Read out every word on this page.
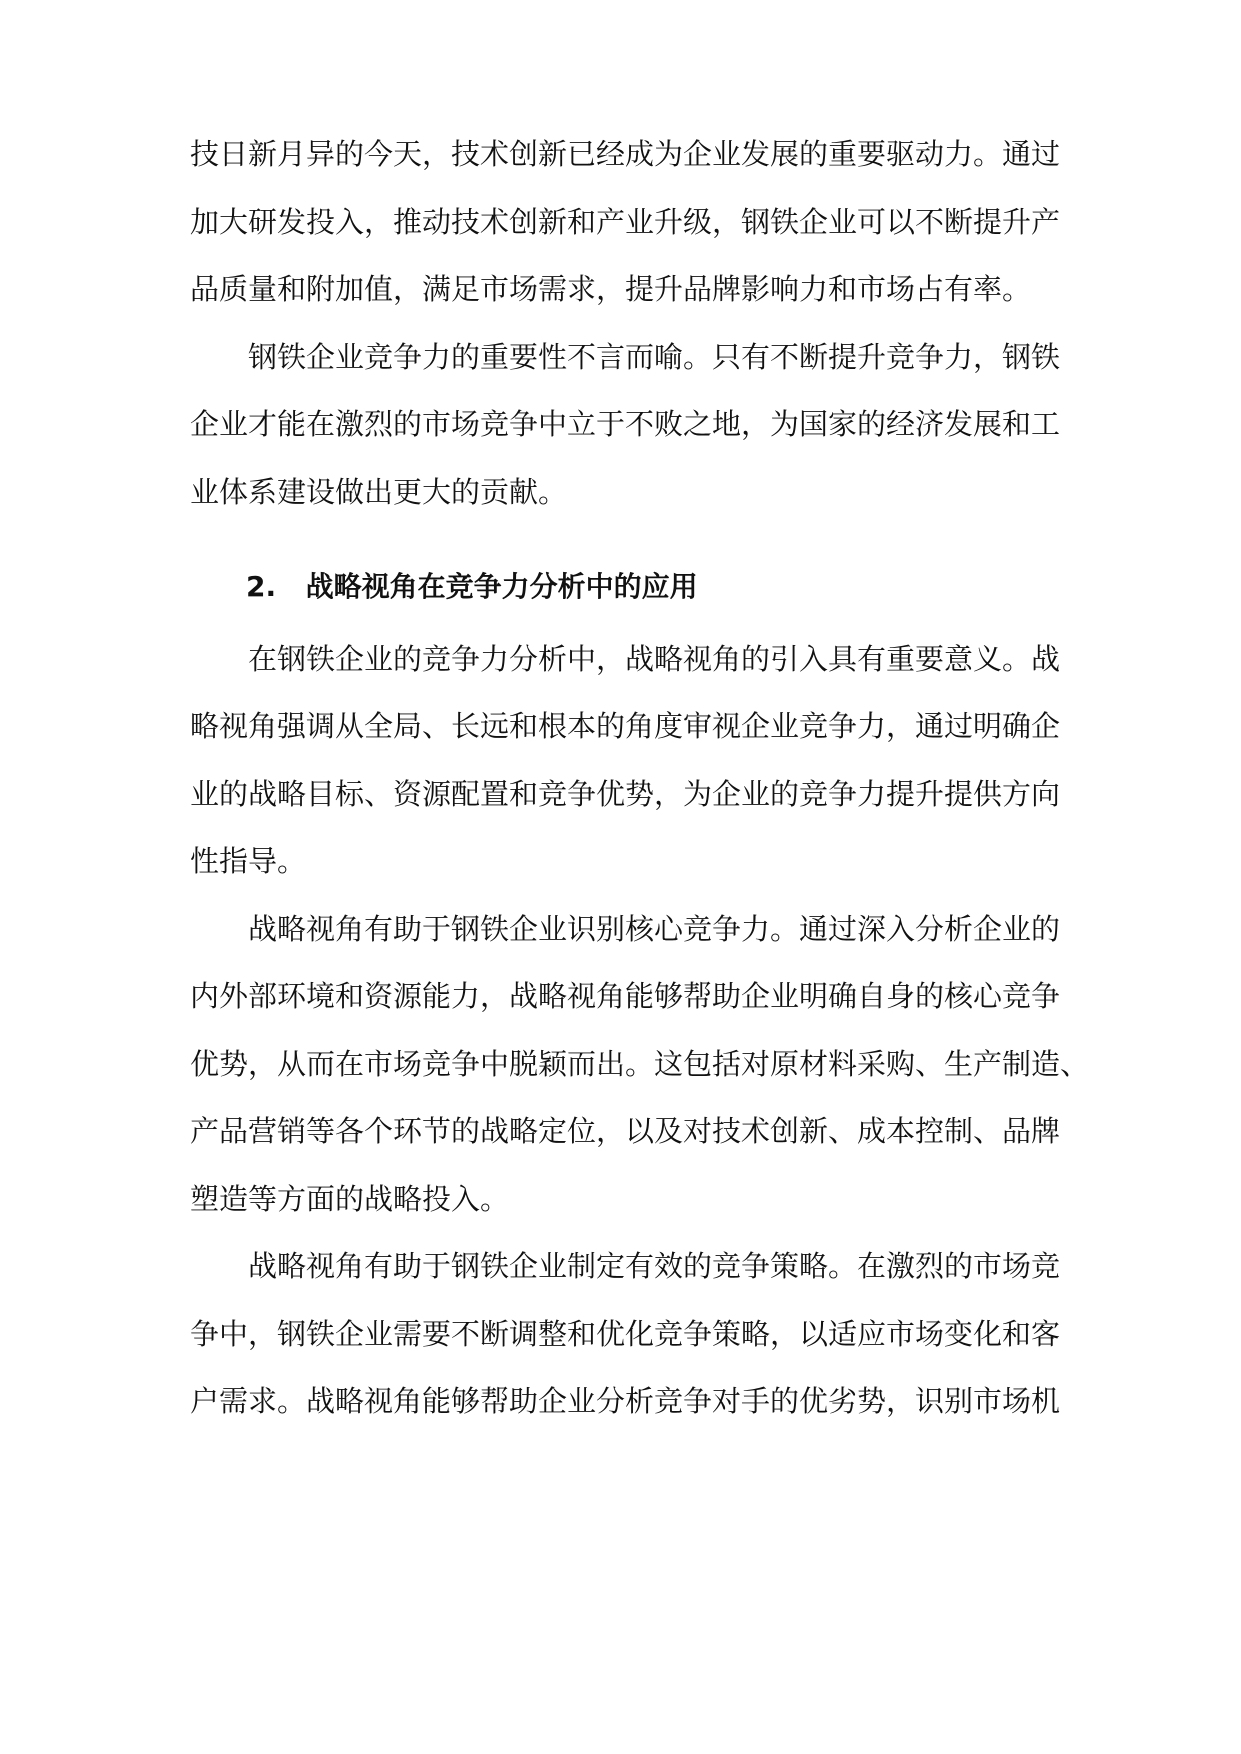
技日新月异的今天，技术创新已经成为企业发展的重要驱动力。通过
加大研发投入，推动技术创新和产业升级，钢铁企业可以不断提升产
品质量和附加值，满足市场需求，提升品牌影响力和市场占有率。
钢铁企业竞争力的重要性不言而喻。只有不断提升竞争力，钢铁
企业才能在激烈的市场竞争中立于不败之地，为国家的经济发展和工
业体系建设做出更大的贡献。
2. 战略视角在竞争力分析中的应用
在钢铁企业的竞争力分析中，战略视角的引入具有重要意义。战
略视角强调从全局、长远和根本的角度审视企业竞争力，通过明确企
业的战略目标、资源配置和竞争优势，为企业的竞争力提升提供方向
性指导。
战略视角有助于钢铁企业识别核心竞争力。通过深入分析企业的
内外部环境和资源能力，战略视角能够帮助企业明确自身的核心竞争
优势，从而在市场竞争中脱颖而出。这包括对原材料采购、生产制造、
产品营销等各个环节的战略定位，以及对技术创新、成本控制、品牌
塑造等方面的战略投入。
战略视角有助于钢铁企业制定有效的竞争策略。在激烈的市场竞
争中，钢铁企业需要不断调整和优化竞争策略，以适应市场变化和客
户需求。战略视角能够帮助企业分析竞争对手的优劣势，识别市场机
